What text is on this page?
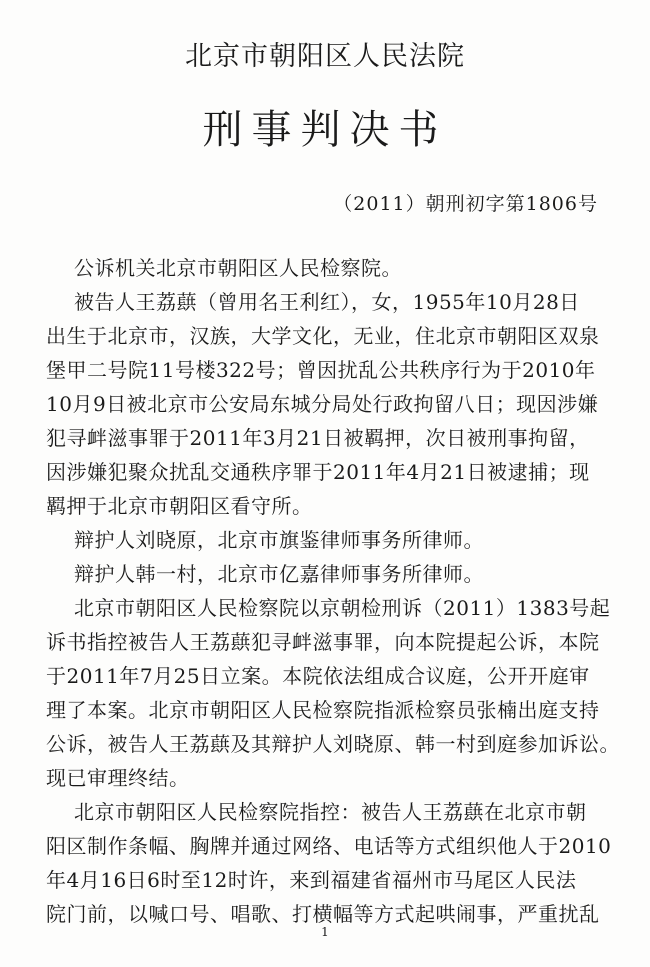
北京市朝阳区人民法院
刑事判决书
（2011）朝刑初字第1806号
公诉机关北京市朝阳区人民检察院。
被告人王荔蕻（曾用名王利红），女，1955年10月28日
出生于北京市，汉族，大学文化，无业，住北京市朝阳区双泉
堡甲二号院11号楼322号；曾因扰乱公共秩序行为于2010年
10月9日被北京市公安局东城分局处行政拘留八日；现因涉嫌
犯寻衅滋事罪于2011年3月21日被羁押，次日被刑事拘留，
因涉嫌犯聚众扰乱交通秩序罪于2011年4月21日被逮捕；现
羁押于北京市朝阳区看守所。
辩护人刘晓原，北京市旗鉴律师事务所律师。
辩护人韩一村，北京市亿嘉律师事务所律师。
北京市朝阳区人民检察院以京朝检刑诉（2011）1383号起
诉书指控被告人王荔蕻犯寻衅滋事罪，向本院提起公诉，本院
于2011年7月25日立案。本院依法组成合议庭，公开开庭审
理了本案。北京市朝阳区人民检察院指派检察员张楠出庭支持
公诉，被告人王荔蕻及其辩护人刘晓原、韩一村到庭参加诉讼。
现已审理终结。
北京市朝阳区人民检察院指控：被告人王荔蕻在北京市朝
阳区制作条幅、胸牌并通过网络、电话等方式组织他人于2010
年4月16日6时至12时许，来到福建省福州市马尾区人民法
院门前，以喊口号、唱歌、打横幅等方式起哄闹事，严重扰乱
1
